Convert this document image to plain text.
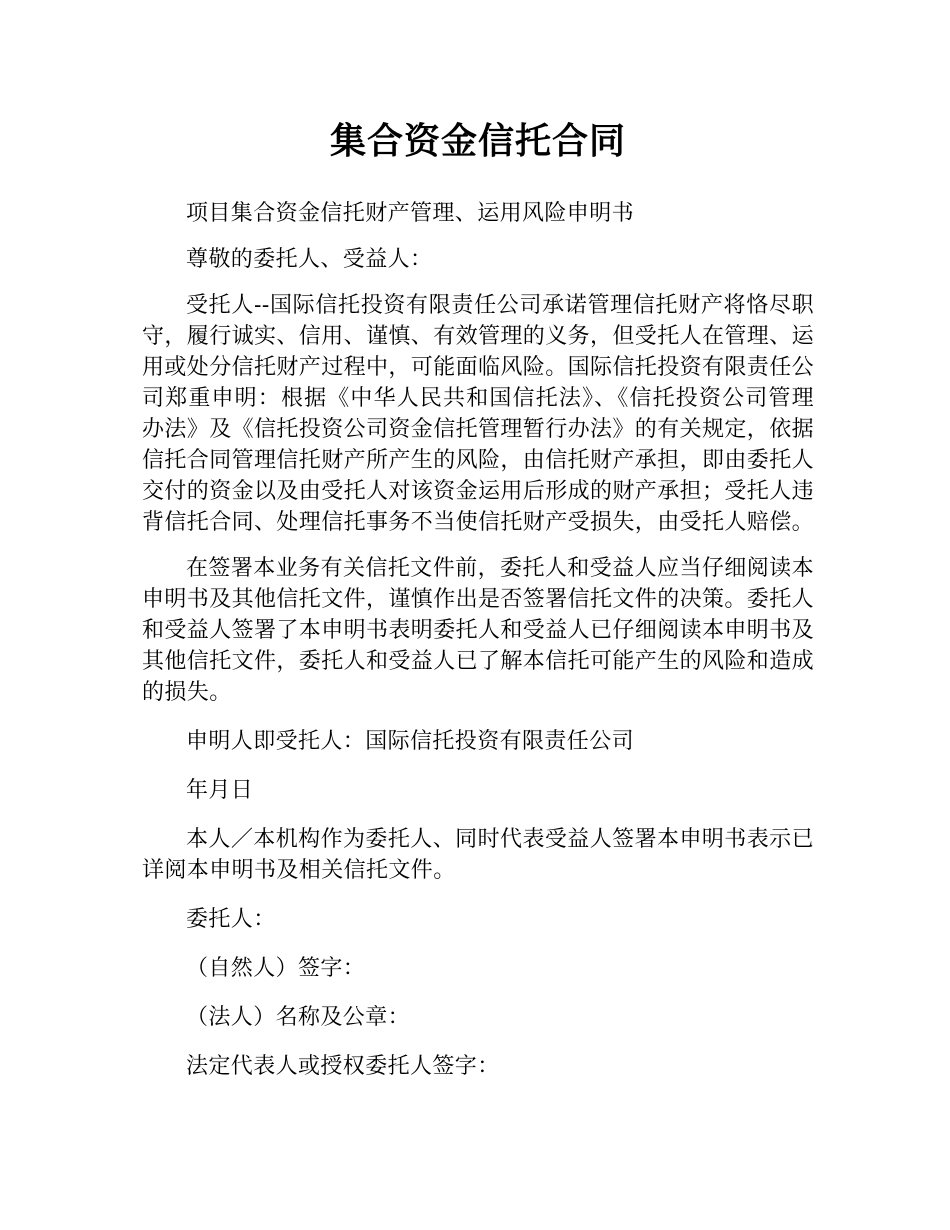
集合资金信托合同

项目集合资金信托财产管理、运用风险申明书

尊敬的委托人、受益人：

受托人--国际信托投资有限责任公司承诺管理信托财产将恪尽职守，履行诚实、信用、谨慎、有效管理的义务，但受托人在管理、运用或处分信托财产过程中，可能面临风险。国际信托投资有限责任公司郑重申明：根据《中华人民共和国信托法》、《信托投资公司管理办法》及《信托投资公司资金信托管理暂行办法》的有关规定，依据信托合同管理信托财产所产生的风险，由信托财产承担，即由委托人交付的资金以及由受托人对该资金运用后形成的财产承担；受托人违背信托合同、处理信托事务不当使信托财产受损失，由受托人赔偿。

在签署本业务有关信托文件前，委托人和受益人应当仔细阅读本申明书及其他信托文件，谨慎作出是否签署信托文件的决策。委托人和受益人签署了本申明书表明委托人和受益人已仔细阅读本申明书及其他信托文件，委托人和受益人已了解本信托可能产生的风险和造成的损失。

申明人即受托人：国际信托投资有限责任公司

年月日

本人／本机构作为委托人、同时代表受益人签署本申明书表示已详阅本申明书及相关信托文件。

委托人：

（自然人）签字：

（法人）名称及公章：

法定代表人或授权委托人签字：
